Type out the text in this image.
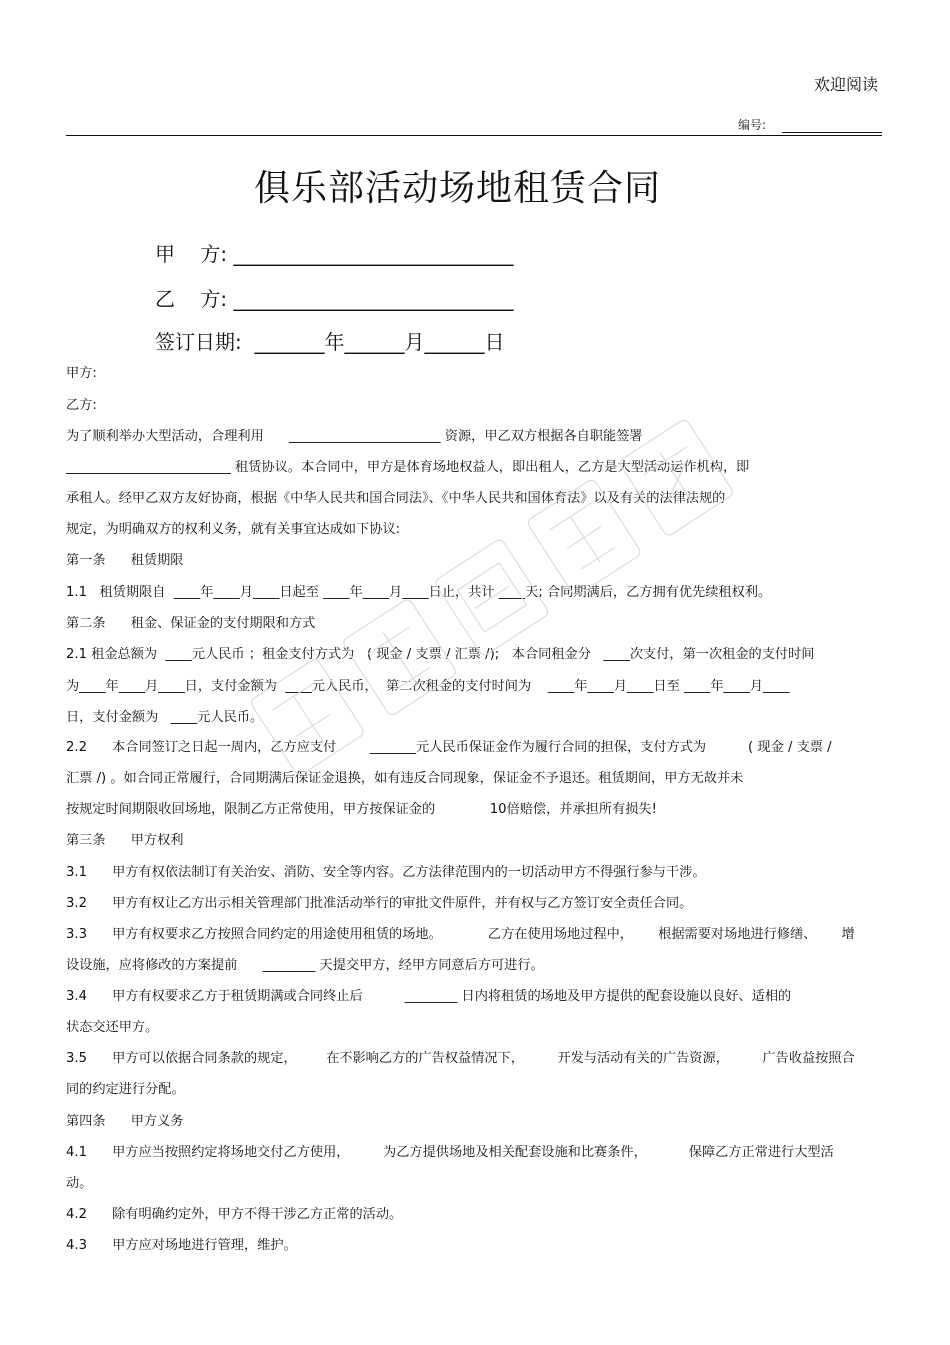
欢迎阅读
编号:
俱乐部活动场地租赁合同
甲    方: ____________________________
乙    方: ____________________________
签订日期:  _______年______月______日
甲方:
乙方:
为了顺利举办大型活动，合理利用      _______________________ 资源，甲乙双方根据各自职能签署
_________________________ 租赁协议。本合同中，甲方是体育场地权益人，即出租人，乙方是大型活动运作机构，即
承租人。经甲乙双方友好协商，根据《中华人民共和国合同法》、《中华人民共和国体育法》以及有关的法律法规的
规定，为明确双方的权利义务，就有关事宜达成如下协议:
第一条      租赁期限
1.1   租赁期限自  ____年____月____日起至 ____年____月____日止，共计 ____天; 合同期满后，乙方拥有优先续租权利。
第二条      租金、保证金的支付期限和方式
2.1 租金总额为  ____元人民币 ；租金支付方式为   ( 现金 / 支票 / 汇票 /);   本合同租金分   ____次支付，第一次租金的支付时间
为____年____月____日，支付金额为  ____元人民币，  第二次租金的支付时间为    ____年____月____日至 ____年____月____
日，支付金额为   ____元人民币。
2.2      本合同签订之日起一周内，乙方应支付        _______元人民币保证金作为履行合同的担保，支付方式为          ( 现金 / 支票 /
汇票 /) 。如合同正常履行，合同期满后保证金退换，如有违反合同现象，保证金不予退还。租赁期间，甲方无故并未
按规定时间期限收回场地，限制乙方正常使用，甲方按保证金的             10倍赔偿，并承担所有损失!
第三条      甲方权利
3.1      甲方有权依法制订有关治安、消防、安全等内容。乙方法律范围内的一切活动甲方不得强行参与干涉。
3.2      甲方有权让乙方出示相关管理部门批准活动举行的审批文件原件，并有权与乙方签订安全责任合同。
3.3      甲方有权要求乙方按照合同约定的用途使用租赁的场地。           乙方在使用场地过程中，      根据需要对场地进行修缮、      增
设设施，应将修改的方案提前      ________ 天提交甲方，经甲方同意后方可进行。
3.4      甲方有权要求乙方于租赁期满或合同终止后          ________ 日内将租赁的场地及甲方提供的配套设施以良好、适相的
状态交还甲方。
3.5      甲方可以依据合同条款的规定，       在不影响乙方的广告权益情况下，        开发与活动有关的广告资源，        广告收益按照合
同的约定进行分配。
第四条      甲方义务
4.1      甲方应当按照约定将场地交付乙方使用，        为乙方提供场地及相关配套设施和比赛条件，          保障乙方正常进行大型活
动。
4.2      除有明确约定外，甲方不得干涉乙方正常的活动。
4.3      甲方应对场地进行管理，维护。
